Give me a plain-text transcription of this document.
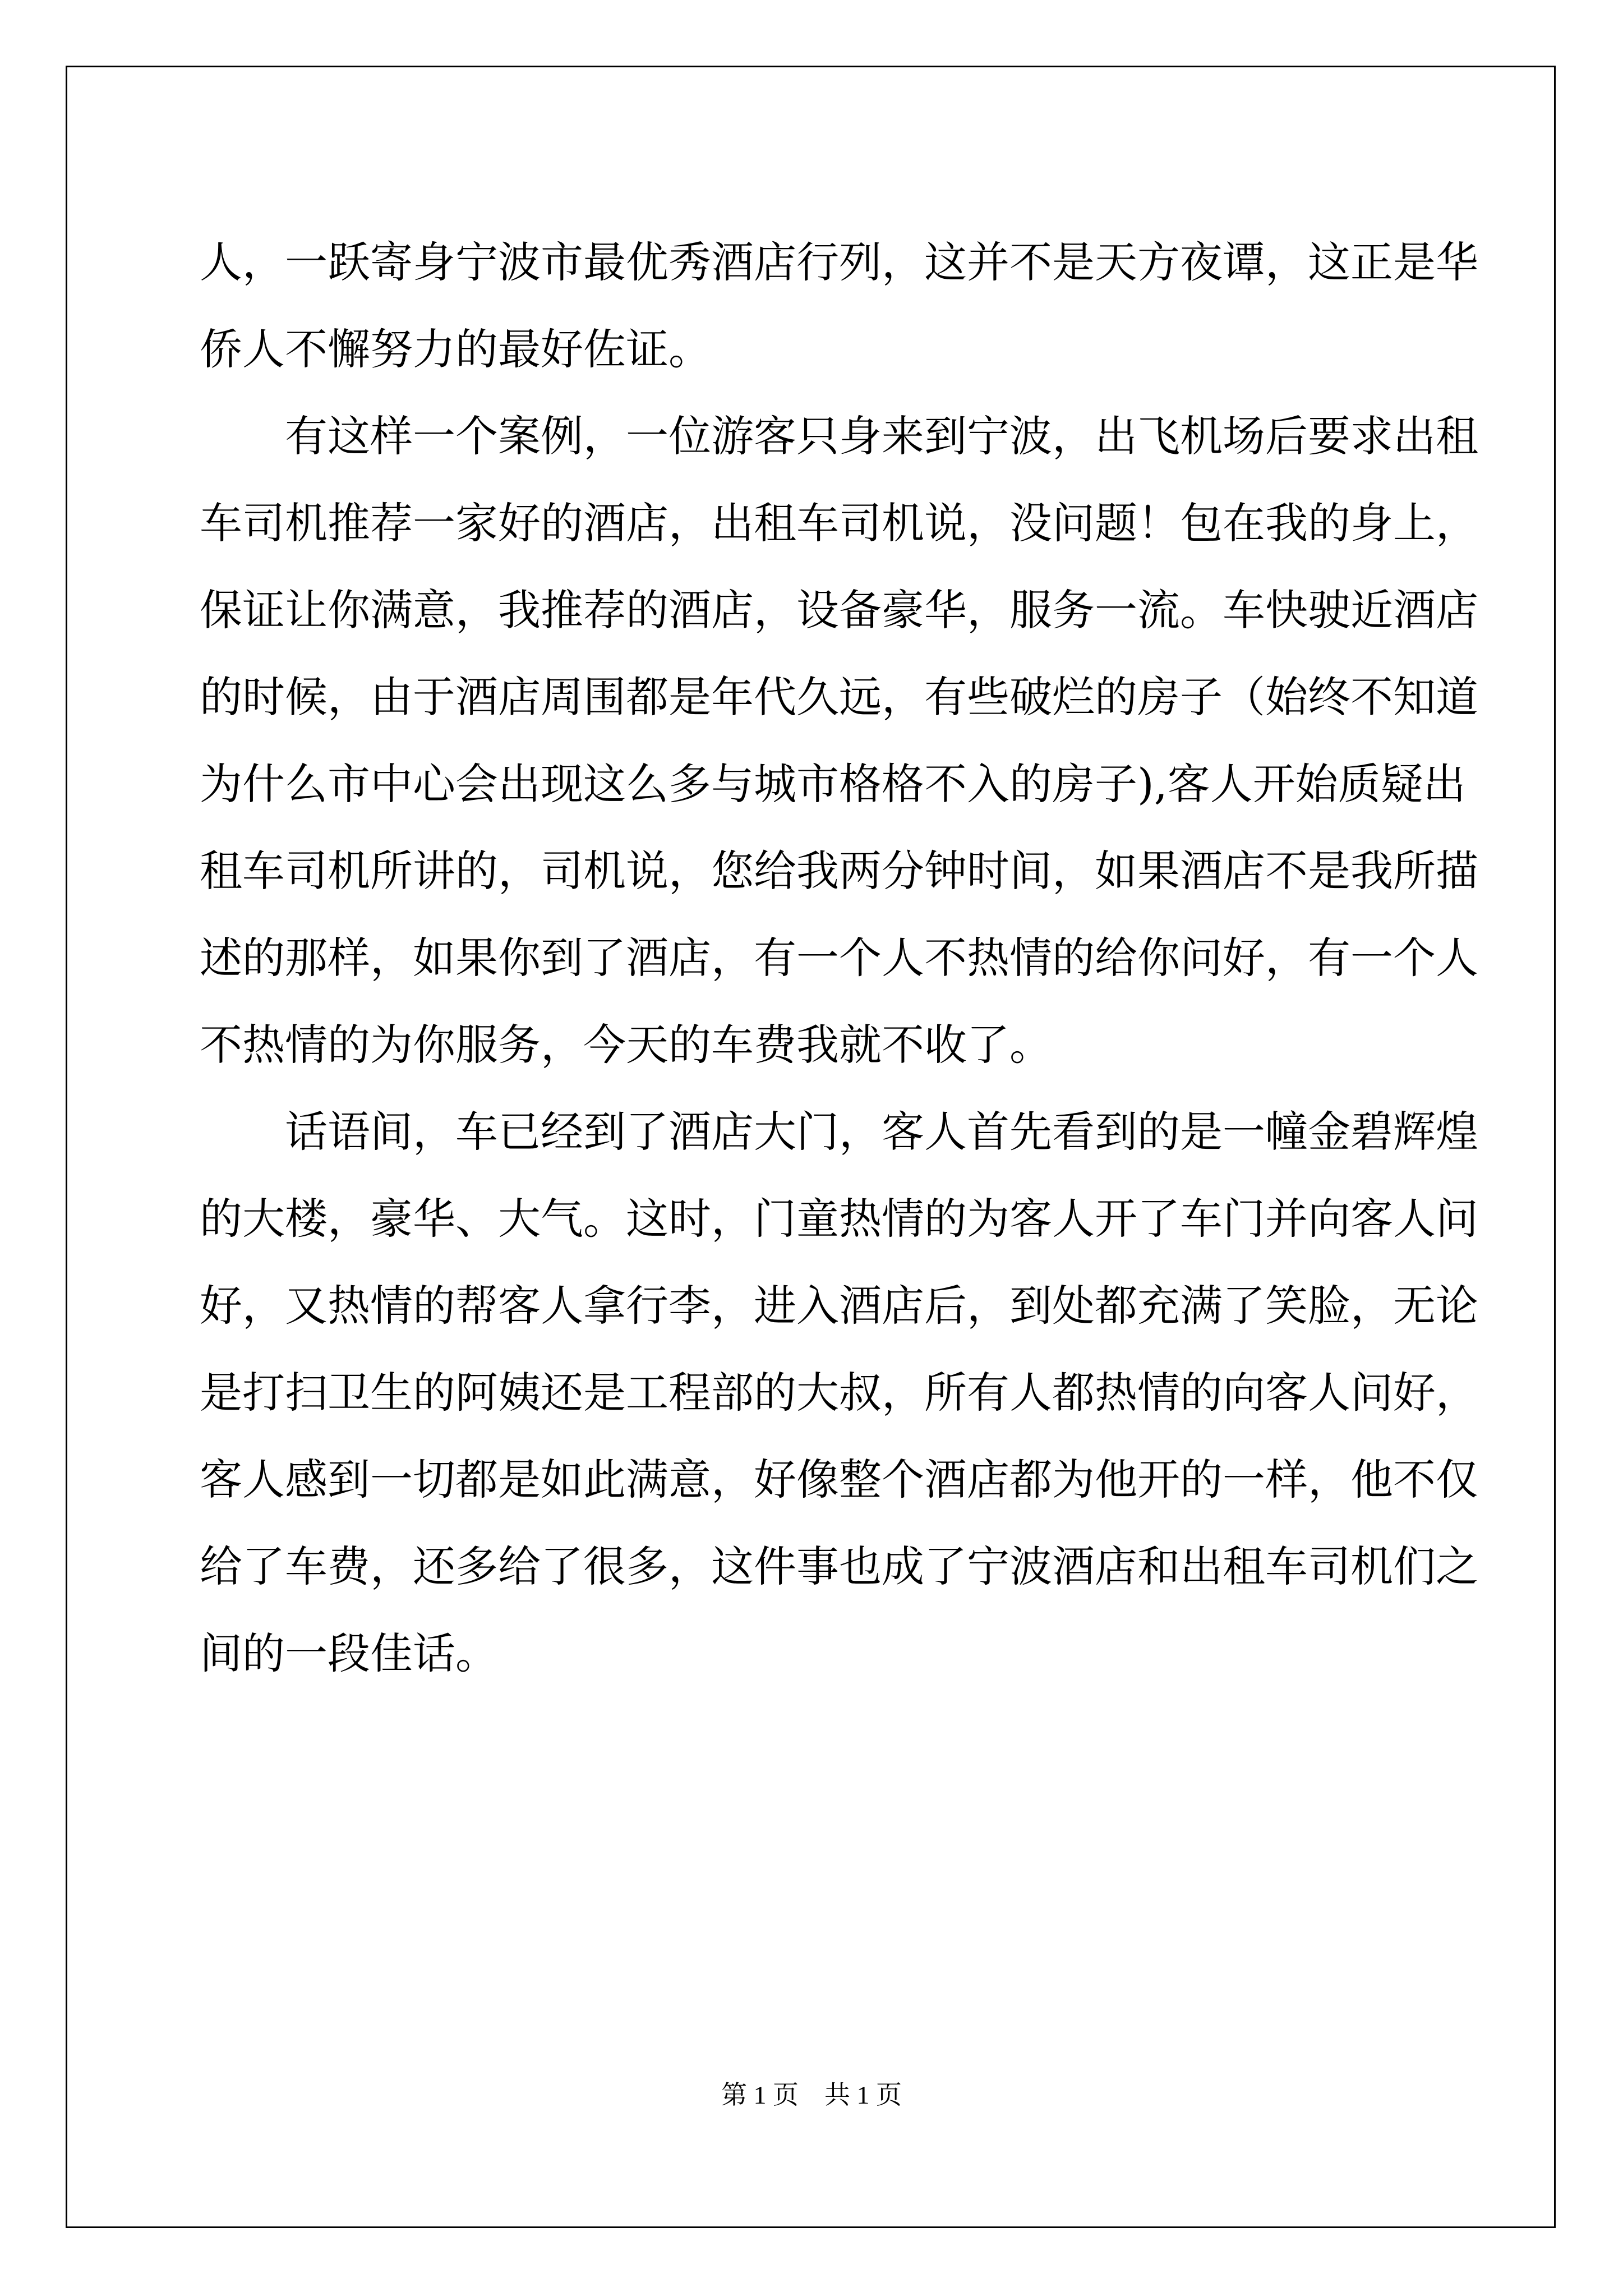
人，一跃寄身宁波市最优秀酒店行列，这并不是天方夜谭，这正是华
侨人不懈努力的最好佐证。
有这样一个案例，一位游客只身来到宁波，出飞机场后要求出租
车司机推荐一家好的酒店，出租车司机说，没问题！包在我的身上，
保证让你满意，我推荐的酒店，设备豪华，服务一流。车快驶近酒店
的时候，由于酒店周围都是年代久远，有些破烂的房子（始终不知道
为什么市中心会出现这么多与城市格格不入的房子),客人开始质疑出
租车司机所讲的，司机说，您给我两分钟时间，如果酒店不是我所描
述的那样，如果你到了酒店，有一个人不热情的给你问好，有一个人
不热情的为你服务，今天的车费我就不收了。
话语间，车已经到了酒店大门，客人首先看到的是一幢金碧辉煌
的大楼，豪华、大气。这时，门童热情的为客人开了车门并向客人问
好，又热情的帮客人拿行李，进入酒店后，到处都充满了笑脸，无论
是打扫卫生的阿姨还是工程部的大叔，所有人都热情的向客人问好，
客人感到一切都是如此满意，好像整个酒店都为他开的一样，他不仅
给了车费，还多给了很多，这件事也成了宁波酒店和出租车司机们之
间的一段佳话。
第 1 页 共 1 页
